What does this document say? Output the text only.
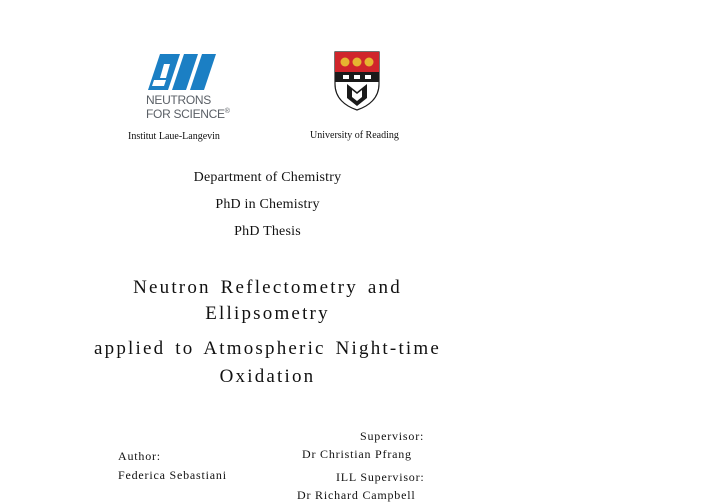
NEUTRONS
FOR SCIENCE®
Institut Laue-Langevin	University of Reading
Department of Chemistry
PhD in Chemistry
PhD Thesis
Neutron Reflectometry and
Ellipsometry
applied to Atmospheric Night-time
Oxidation
Author:
Federica Sebastiani
Supervisor:
Dr Christian Pfrang
ILL Supervisor:
Dr Richard Campbell
